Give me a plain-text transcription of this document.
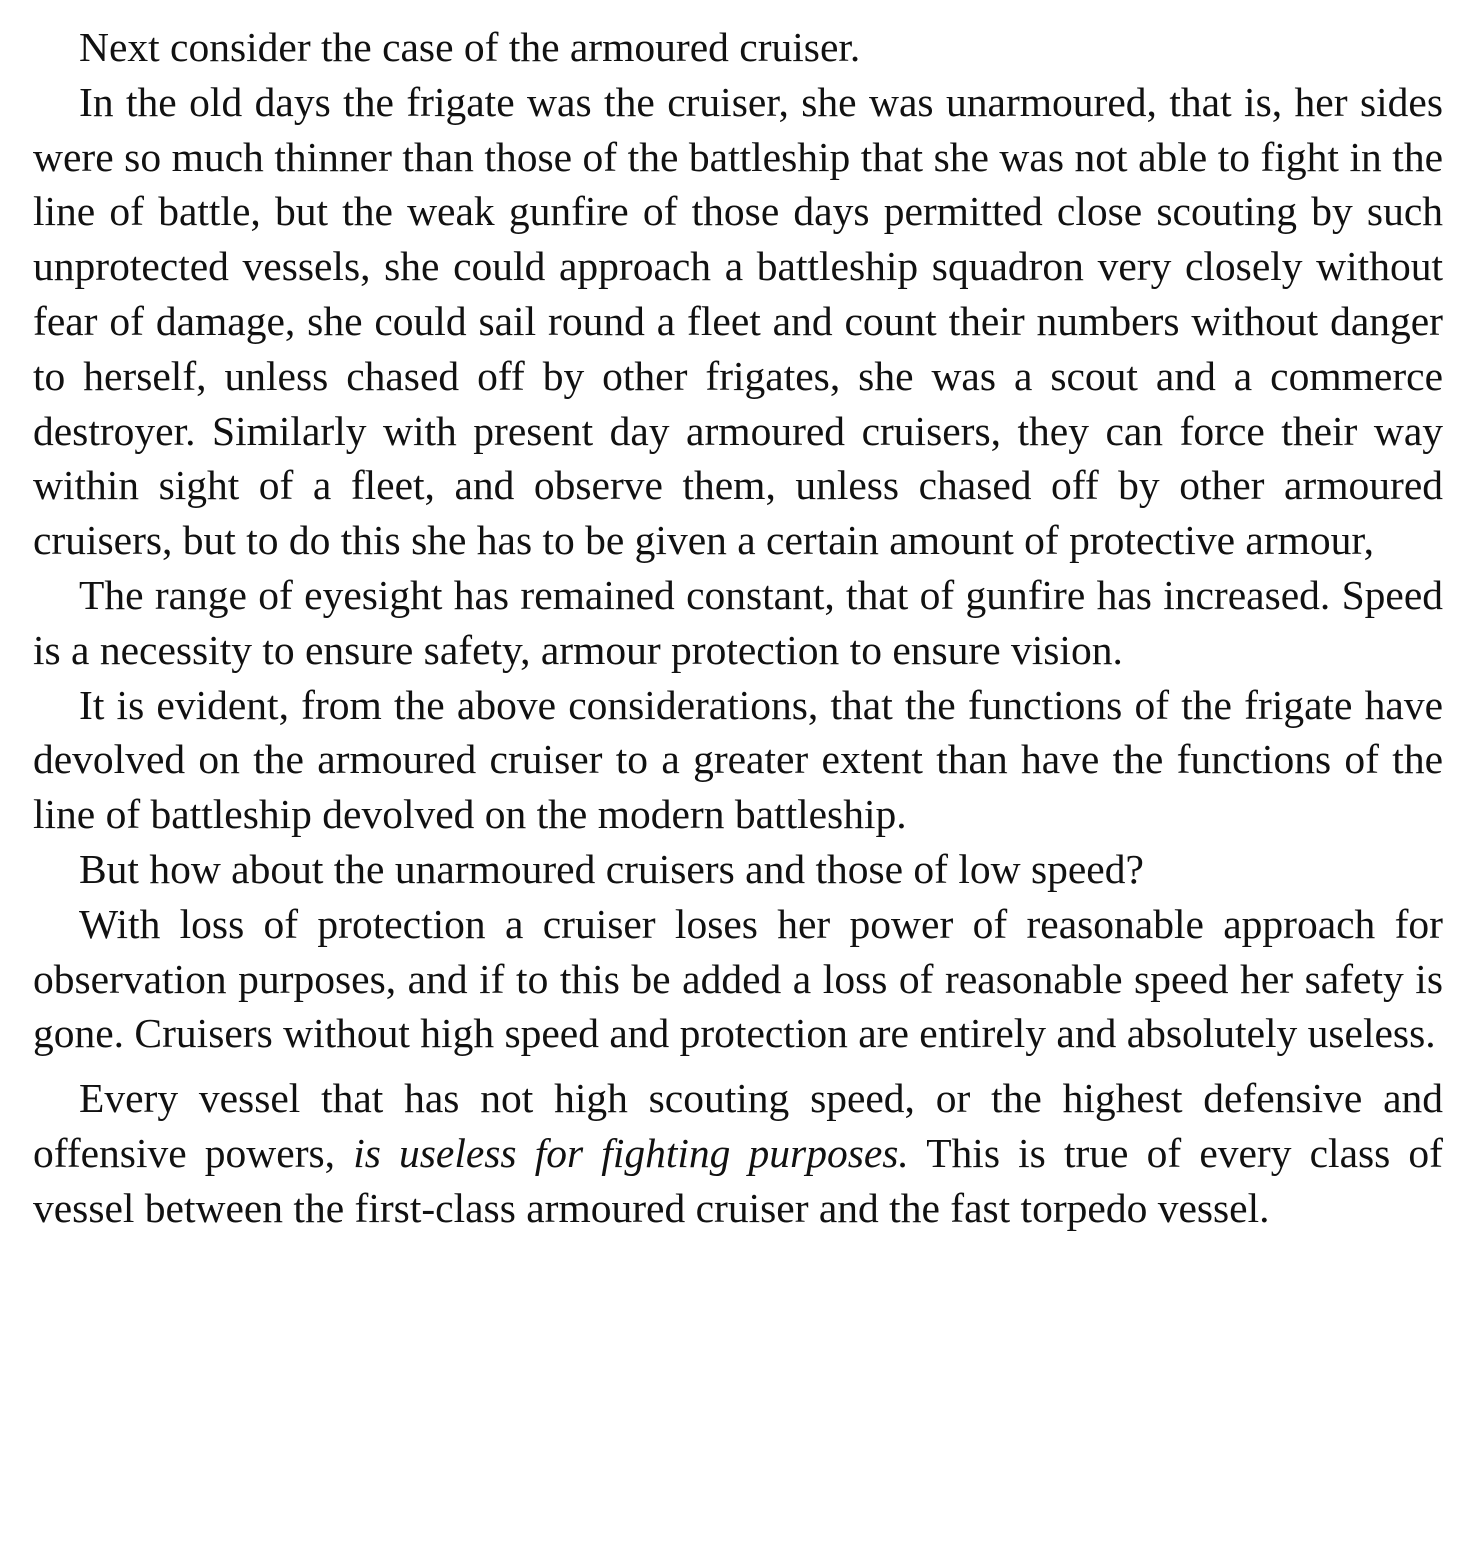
Next consider the case of the armoured cruiser.

In the old days the frigate was the cruiser, she was unarmoured, that is, her sides were so much thinner than those of the battleship that she was not able to fight in the line of battle, but the weak gunfire of those days permitted close scouting by such unprotected vessels, she could approach a battleship squadron very closely without fear of damage, she could sail round a fleet and count their numbers without danger to herself, unless chased off by other frigates, she was a scout and a commerce destroyer. Similarly with present day armoured cruisers, they can force their way within sight of a fleet, and observe them, unless chased off by other armoured cruisers, but to do this she has to be given a certain amount of protective armour,

The range of eyesight has remained constant, that of gunfire has increased. Speed is a necessity to ensure safety, armour protection to ensure vision.

It is evident, from the above considerations, that the functions of the frigate have devolved on the armoured cruiser to a greater extent than have the functions of the line of battleship devolved on the modern battleship.

But how about the unarmoured cruisers and those of low speed?

With loss of protection a cruiser loses her power of reasonable approach for observation purposes, and if to this be added a loss of reasonable speed her safety is gone. Cruisers without high speed and protection are entirely and absolutely useless.

Every vessel that has not high scouting speed, or the highest defensive and offensive powers, is useless for fighting purposes. This is true of every class of vessel between the first-class armoured cruiser and the fast torpedo vessel.
